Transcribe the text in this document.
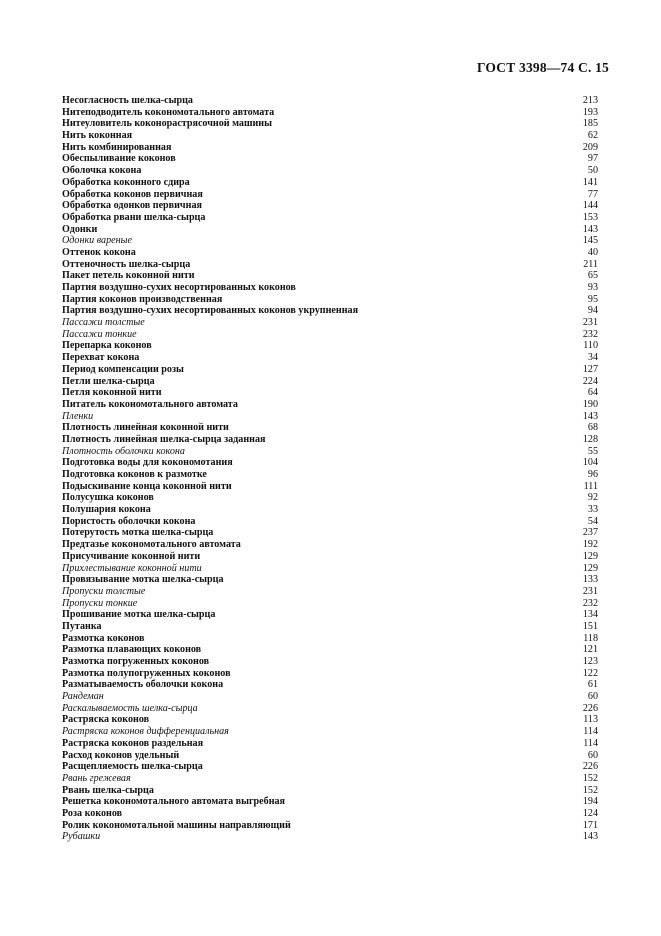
ГОСТ 3398—74 С. 15
Несогласность шелка-сырца	213
Нитеподводитель кокономотального автомата	193
Нитеуловитель коконорастрясочной машины	185
Нить коконная	62
Нить комбинированная	209
Обеспыливание коконов	97
Оболочка кокона	50
Обработка коконного сдира	141
Обработка коконов первичная	77
Обработка одонков первичная	144
Обработка рвани шелка-сырца	153
Одонки	143
Одонки вареные	145
Оттенок кокона	40
Оттеночность шелка-сырца	211
Пакет петель коконной нити	65
Партия воздушно-сухих несортированных коконов	93
Партия коконов производственная	95
Партия воздушно-сухих несортированных коконов укрупненная	94
Пассажи толстые	231
Пассажи тонкие	232
Перепарка коконов	110
Перехват кокона	34
Период компенсации розы	127
Петли шелка-сырца	224
Петля коконной нити	64
Питатель кокономотального автомата	190
Пленки	143
Плотность линейная коконной нити	68
Плотность линейная шелка-сырца заданная	128
Плотность оболочки кокона	55
Подготовка воды для кокономотания	104
Подготовка коконов к размотке	96
Подыскивание конца коконной нити	111
Полусушка коконов	92
Полушария кокона	33
Пористость оболочки кокона	54
Потерутость мотка шелка-сырца	237
Предтазье кокономотального автомата	192
Присучивание коконной нити	129
Прихлестывание коконной нити	129
Провязывание мотка шелка-сырца	133
Пропуски толстые	231
Пропуски тонкие	232
Прошивание мотка шелка-сырца	134
Путанка	151
Размотка коконов	118
Размотка плавающих коконов	121
Размотка погруженных коконов	123
Размотка полупогруженных коконов	122
Разматываемость оболочки кокона	61
Рандеман	60
Раскалываемость шелка-сырца	226
Растряска коконов	113
Растряска коконов дифференциальная	114
Растряска коконов раздельная	114
Расход коконов удельный	60
Расщепляемость шелка-сырца	226
Рвань грежевая	152
Рвань шелка-сырца	152
Решетка кокономотального автомата выгребная	194
Роза коконов	124
Ролик кокономотальной машины направляющий	171
Рубашки	143
